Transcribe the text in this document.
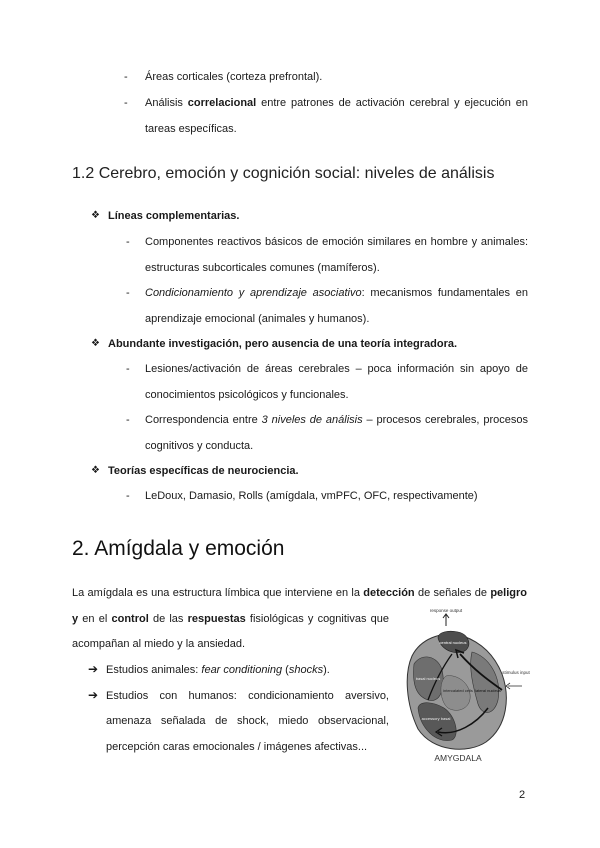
- Áreas corticales (corteza prefrontal).
- Análisis correlacional entre patrones de activación cerebral y ejecución en
tareas específicas.
1.2 Cerebro, emoción y cognición social: niveles de análisis
❖ Líneas complementarias.
- Componentes reactivos básicos de emoción similares en hombre y animales:
estructuras subcorticales comunes (mamíferos).
- Condicionamiento y aprendizaje asociativo: mecanismos fundamentales en
aprendizaje emocional (animales y humanos).
❖ Abundante investigación, pero ausencia de una teoría integradora.
- Lesiones/activación de áreas cerebrales – poca información sin apoyo de
conocimientos psicológicos y funcionales.
- Correspondencia entre 3 niveles de análisis – procesos cerebrales, procesos
cognitivos y conducta.
❖ Teorías específicas de neurociencia.
- LeDoux, Damasio, Rolls (amígdala, vmPFC, OFC, respectivamente)
2. Amígdala y emoción
La amígdala es una estructura límbica que interviene en la detección de señales de peligro
y en el control de las respuestas fisiológicas y cognitivas que
acompañan al miedo y la ansiedad.
➔ Estudios animales: fear conditioning (shocks).
➔ Estudios con humanos: condicionamiento aversivo,
amenaza señalada de shock, miedo observacional,
percepción caras emocionales / imágenes afectivas...
response output
stimulus input
central nucleus
lateral nucleus
basal nucleus
accessory basal
intercalated cells
AMYGDALA
2
